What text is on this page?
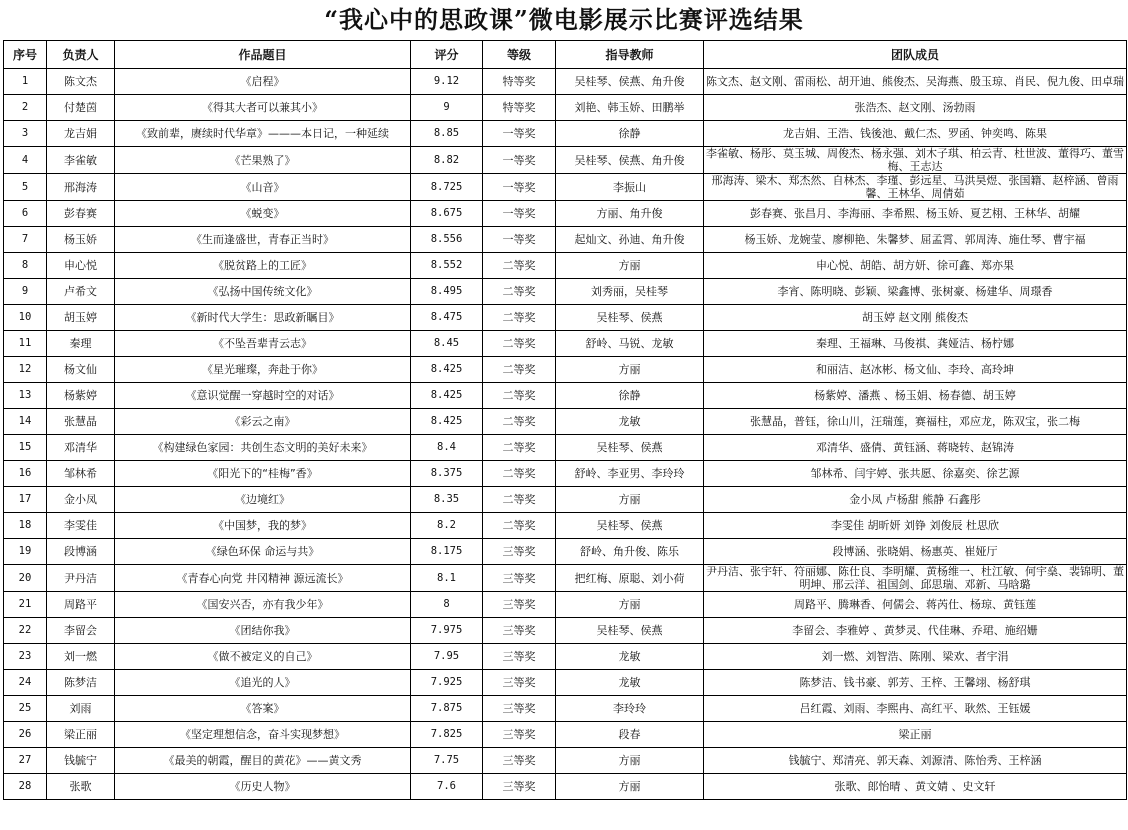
“我心中的思政课”微电影展示比赛评选结果
序号	负责人	作品题目	评分	等级	指导教师	团队成员
1	陈文杰	《启程》	9.12	特等奖	吴桂琴、侯燕、角升俊	陈文杰、赵文刚、雷雨松、胡开迪、熊俊杰、吴海燕、殷玉琼、肖民、倪九俊、田卓瑞
2	付楚茵	《得其大者可以兼其小》	9	特等奖	刘艳、韩玉娇、田鹏举	张浩杰、赵文刚、汤勃雨
3	龙吉娟	《致前辈，赓续时代华章》———本日记，一种延续	8.85	一等奖	徐静	龙吉娟、王浩、钱後池、戴仁杰、罗函、钟奕鸣、陈果
4	李雀敏	《芒果熟了》	8.82	一等奖	吴桂琴、侯燕、角升俊	李雀敏、杨彤、莫玉城、周俊杰、杨永强、刘木子琪、柏云青、杜世波、董得巧、董雪梅、王志达
5	邢海涛	《山音》	8.725	一等奖	李振山	邢海涛、梁木、郑杰然、自林杰、李瑾、彭远星、马洪昊煜、张国籍、赵梓涵、曾雨馨、王林华、周倩茹
6	彭春赛	《蜕变》	8.675	一等奖	方丽、角升俊	彭春赛、张昌月、李海丽、李希熙、杨玉娇、夏艺栩、王林华、胡耀
7	杨玉娇	《生而逢盛世，青春正当时》	8.556	一等奖	起灿文、孙迪、角升俊	杨玉娇、龙婉莹、廖柳艳、朱馨梦、屈孟霄、郭周涛、施仕琴、曹宇福
8	申心悦	《脱贫路上的工匠》	8.552	二等奖	方丽	申心悦、胡皓、胡方妍、徐可鑫、郑亦果
9	卢希文	《弘扬中国传统文化》	8.495	二等奖	刘秀丽，吴桂琴	李宵、陈明晓、彭颖、梁鑫博、张树豪、杨建华、周璟香
10	胡玉婷	《新时代大学生：思政新瞩目》	8.475	二等奖	吴桂琴、侯燕	胡玉婷 赵文刚 熊俊杰
11	秦理	《不坠吾辈青云志》	8.45	二等奖	舒岭、马锐、龙敏	秦理、王福琳、马俊祺、龚娅洁、杨柠娜
12	杨文仙	《星光璀璨，奔赴于你》	8.425	二等奖	方丽	和丽洁、赵冰彬、杨文仙、李玲、高玲坤
13	杨紫婷	《意识觉醒一穿越时空的对话》	8.425	二等奖	徐静	杨紫婷、潘燕 、杨玉娟、杨春德、胡玉婷
14	张慧晶	《彩云之南》	8.425	二等奖	龙敏	张慧晶，普钰，徐山川，汪瑞莲，赛福柱，邓应龙，陈双宝，张二梅
15	邓清华	《构建绿色家园：共创生态文明的美好未来》	8.4	二等奖	吴桂琴、侯燕	邓清华、盛倩、黄钰涵、蒋晓转、赵锦涛
16	邹林希	《阳光下的“桂梅”香》	8.375	二等奖	舒岭、李亚男、李玲玲	邹林希、闫宇婷、张共愿、徐嘉奕、徐艺源
17	金小凤	《边境红》	8.35	二等奖	方丽	金小凤 卢杨甜 熊静 石鑫彤
18	李雯佳	《中国梦，我的梦》	8.2	二等奖	吴桂琴、侯燕	李雯佳 胡昕妍 刘铮 刘俊辰 杜思欣
19	段博涵	《绿色环保 命运与共》	8.175	三等奖	舒岭、角升俊、陈乐	段博涵、张晓娟、杨惠英、崔娅厅
20	尹丹洁	《青春心向党 井冈精神 源远流长》	8.1	三等奖	把红梅、原聪、刘小荷	尹丹洁、张宇轩、符丽娜、陈仕良、李明耀、黄杨维一、杜江敏、何宇燊、裴锦明、董明坤、邢云洋、祖国剑、邱思瑞、邓新、马晗璐
21	周路平	《国安兴否，亦有我少年》	8	三等奖	方丽	周路平、腾琳香、何儒会、蒋芮仕、杨琼、黄钰莲
22	李留会	《团结你我》	7.975	三等奖	吴桂琴、侯燕	李留会、李雅婷 、黄梦灵、代佳琳、乔珺、施绍姗
23	刘一燃	《做不被定义的自己》	7.95	三等奖	龙敏	刘一燃、刘智浩、陈刚、梁欢、者宇涓
24	陈梦洁	《追光的人》	7.925	三等奖	龙敏	陈梦洁、钱书豪、郭芳、王梓、王馨翊、杨舒琪
25	刘雨	《答案》	7.875	三等奖	李玲玲	吕红霞、刘雨、李熙冉、高红平、耿然、王钰媛
26	梁正丽	《坚定理想信念，奋斗实现梦想》	7.825	三等奖	段春	梁正丽
27	钱毓宁	《最美的朝霞，醒目的黄花》——黄文秀	7.75	三等奖	方丽	钱毓宁、郑清亮、郭天森、刘源清、陈怡秀、王梓涵
28	张歌	《历史人物》	7.6	三等奖	方丽	张歌、郎怡晴 、黄文婧 、史文轩
